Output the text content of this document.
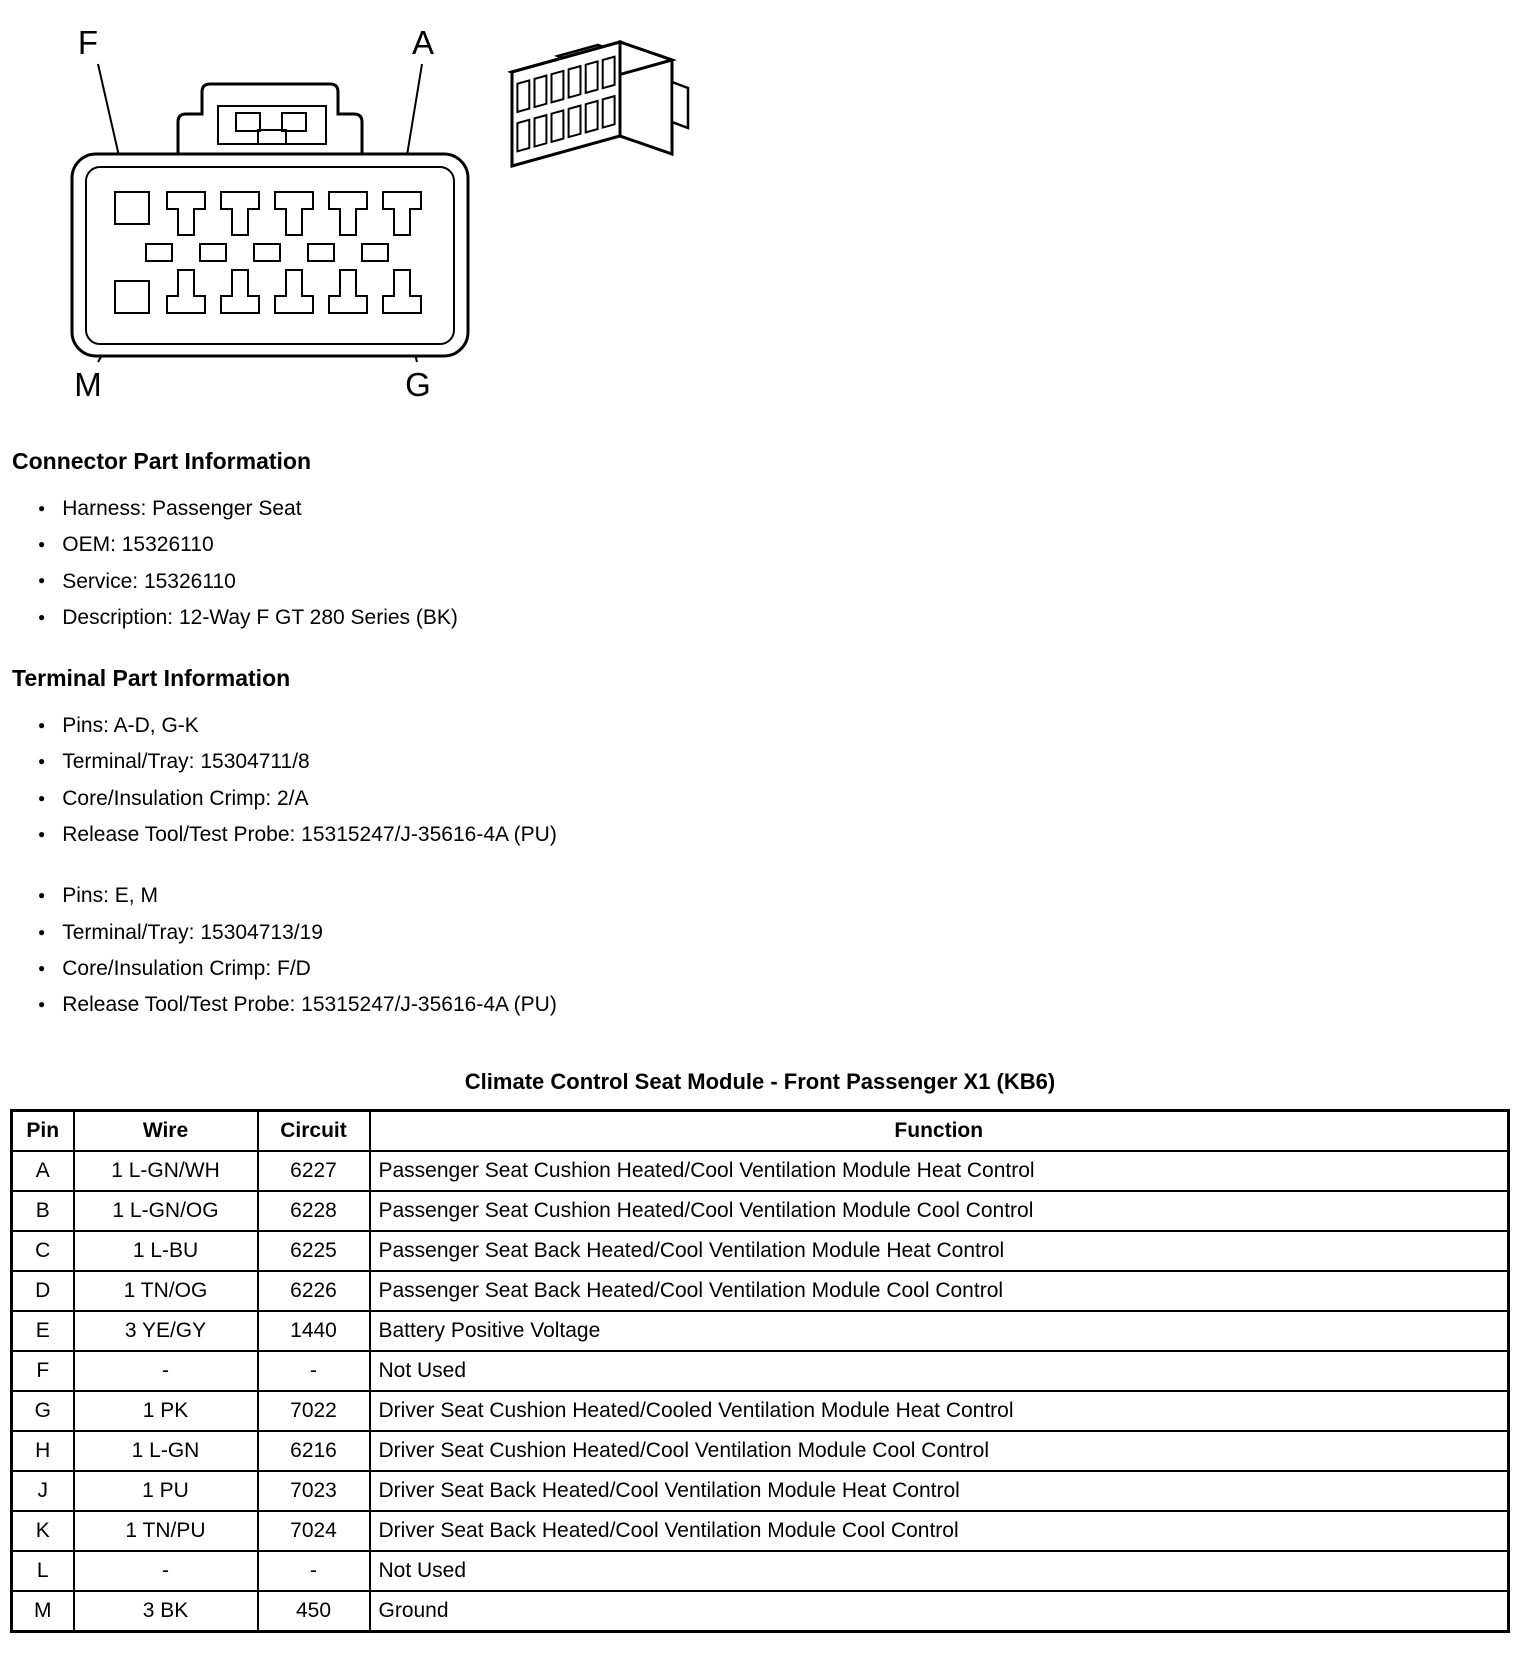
F	A
M	G
Connector Part Information
● Harness: Passenger Seat
● OEM: 15326110
● Service: 15326110
● Description: 12-Way F GT 280 Series (BK)
Terminal Part Information
● Pins: A-D, G-K
● Terminal/Tray: 15304711/8
● Core/Insulation Crimp: 2/A
● Release Tool/Test Probe: 15315247/J-35616-4A (PU)
● Pins: E, M
● Terminal/Tray: 15304713/19
● Core/Insulation Crimp: F/D
● Release Tool/Test Probe: 15315247/J-35616-4A (PU)
Climate Control Seat Module - Front Passenger X1 (KB6)
Pin	Wire	Circuit	Function
A	1 L-GN/WH	6227	Passenger Seat Cushion Heated/Cool Ventilation Module Heat Control
B	1 L-GN/OG	6228	Passenger Seat Cushion Heated/Cool Ventilation Module Cool Control
C	1 L-BU	6225	Passenger Seat Back Heated/Cool Ventilation Module Heat Control
D	1 TN/OG	6226	Passenger Seat Back Heated/Cool Ventilation Module Cool Control
E	3 YE/GY	1440	Battery Positive Voltage
F	-	-	Not Used
G	1 PK	7022	Driver Seat Cushion Heated/Cooled Ventilation Module Heat Control
H	1 L-GN	6216	Driver Seat Cushion Heated/Cool Ventilation Module Cool Control
J	1 PU	7023	Driver Seat Back Heated/Cool Ventilation Module Heat Control
K	1 TN/PU	7024	Driver Seat Back Heated/Cool Ventilation Module Cool Control
L	-	-	Not Used
M	3 BK	450	Ground
